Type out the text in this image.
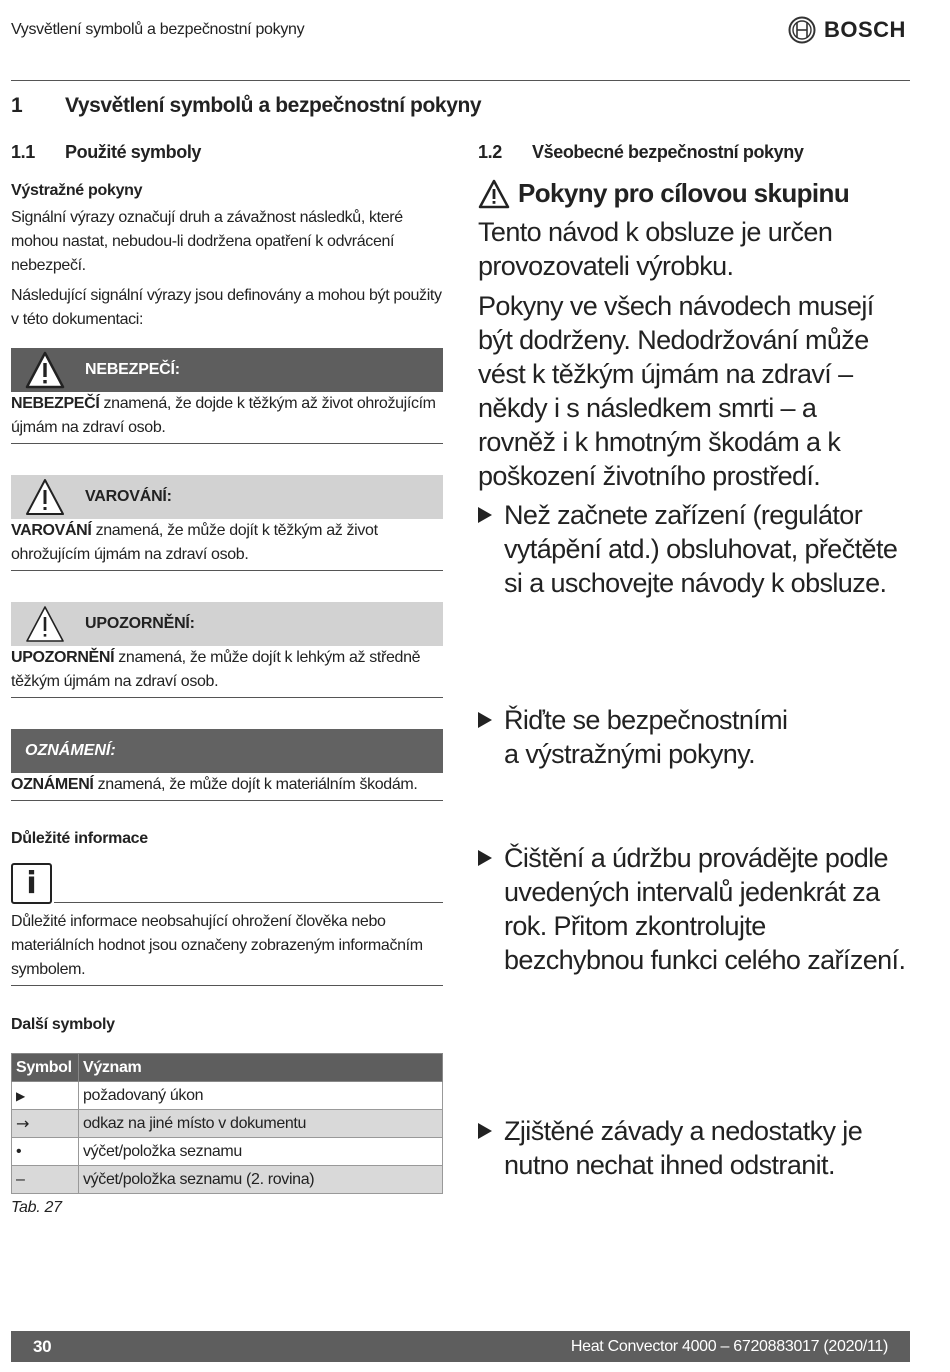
Vysvětlení symbolů a bezpečnostní pokyny	BOSCH
1 Vysvětlení symbolů a bezpečnostní pokyny
1.1 Použité symboly
Výstražné pokyny
Signální výrazy označují druh a závažnost následků, které mohou nastat, nebudou-li dodržena opatření k odvrácení nebezpečí.
Následující signální výrazy jsou definovány a mohou být použity v této dokumentaci:
NEBEZPEČÍ:
NEBEZPEČÍ znamená, že dojde k těžkým až život ohrožujícím újmám na zdraví osob.
VAROVÁNÍ:
VAROVÁNÍ znamená, že může dojít k těžkým až život ohrožujícím újmám na zdraví osob.
UPOZORNĚNÍ:
UPOZORNĚNÍ znamená, že může dojít k lehkým až středně těžkým újmám na zdraví osob.
OZNÁMENÍ:
OZNÁMENÍ znamená, že může dojít k materiálním škodám.
Důležité informace
i
Důležité informace neobsahující ohrožení člověka nebo materiálních hodnot jsou označeny zobrazeným informačním symbolem.
Další symboly
Symbol	Význam
▶	požadovaný úkon
→	odkaz na jiné místo v dokumentu
•	výčet/položka seznamu
–	výčet/položka seznamu (2. rovina)
Tab. 27
1.2 Všeobecné bezpečnostní pokyny
Pokyny pro cílovou skupinu
Tento návod k obsluze je určen provozovateli výrobku.
Pokyny ve všech návodech musejí být dodrženy. Nedodržování může vést k těžkým újmám na zdraví – někdy i s následkem smrti – a rovněž i k hmotným škodám a k poškození životního prostředí.
Než začnete zařízení (regulátor vytápění atd.) obsluhovat, přečtěte si a uschovejte návody k obsluze.
Řiďte se bezpečnostními a výstražnými pokyny.
Čištění a údržbu provádějte podle uvedených intervalů jedenkrát za rok. Přitom zkontrolujte bezchybnou funkci celého zařízení.
Zjištěné závady a nedostatky je nutno nechat ihned odstranit.
30	Heat Convector 4000 – 6720883017 (2020/11)
